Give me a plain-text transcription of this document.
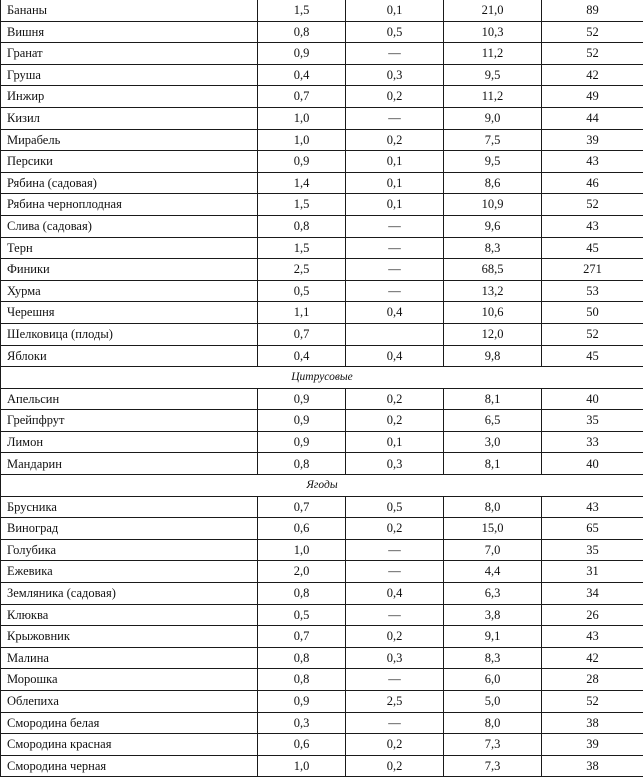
Бананы	1,5	0,1	21,0	89
Вишня	0,8	0,5	10,3	52
Гранат	0,9	—	11,2	52
Груша	0,4	0,3	9,5	42
Инжир	0,7	0,2	11,2	49
Кизил	1,0	—	9,0	44
Мирабель	1,0	0,2	7,5	39
Персики	0,9	0,1	9,5	43
Рябина (садовая)	1,4	0,1	8,6	46
Рябина черноплодная	1,5	0,1	10,9	52
Слива (садовая)	0,8	—	9,6	43
Терн	1,5	—	8,3	45
Финики	2,5	—	68,5	271
Хурма	0,5	—	13,2	53
Черешня	1,1	0,4	10,6	50
Шелковица (плоды)	0,7		12,0	52
Яблоки	0,4	0,4	9,8	45
Цитрусовые				
Апельсин	0,9	0,2	8,1	40
Грейпфрут	0,9	0,2	6,5	35
Лимон	0,9	0,1	3,0	33
Мандарин	0,8	0,3	8,1	40
Ягоды				
Брусника	0,7	0,5	8,0	43
Виноград	0,6	0,2	15,0	65
Голубика	1,0	—	7,0	35
Ежевика	2,0	—	4,4	31
Земляника (садовая)	0,8	0,4	6,3	34
Клюква	0,5	—	3,8	26
Крыжовник	0,7	0,2	9,1	43
Малина	0,8	0,3	8,3	42
Морошка	0,8	—	6,0	28
Облепиха	0,9	2,5	5,0	52
Смородина белая	0,3	—	8,0	38
Смородина красная	0,6	0,2	7,3	39
Смородина черная	1,0	0,2	7,3	38
